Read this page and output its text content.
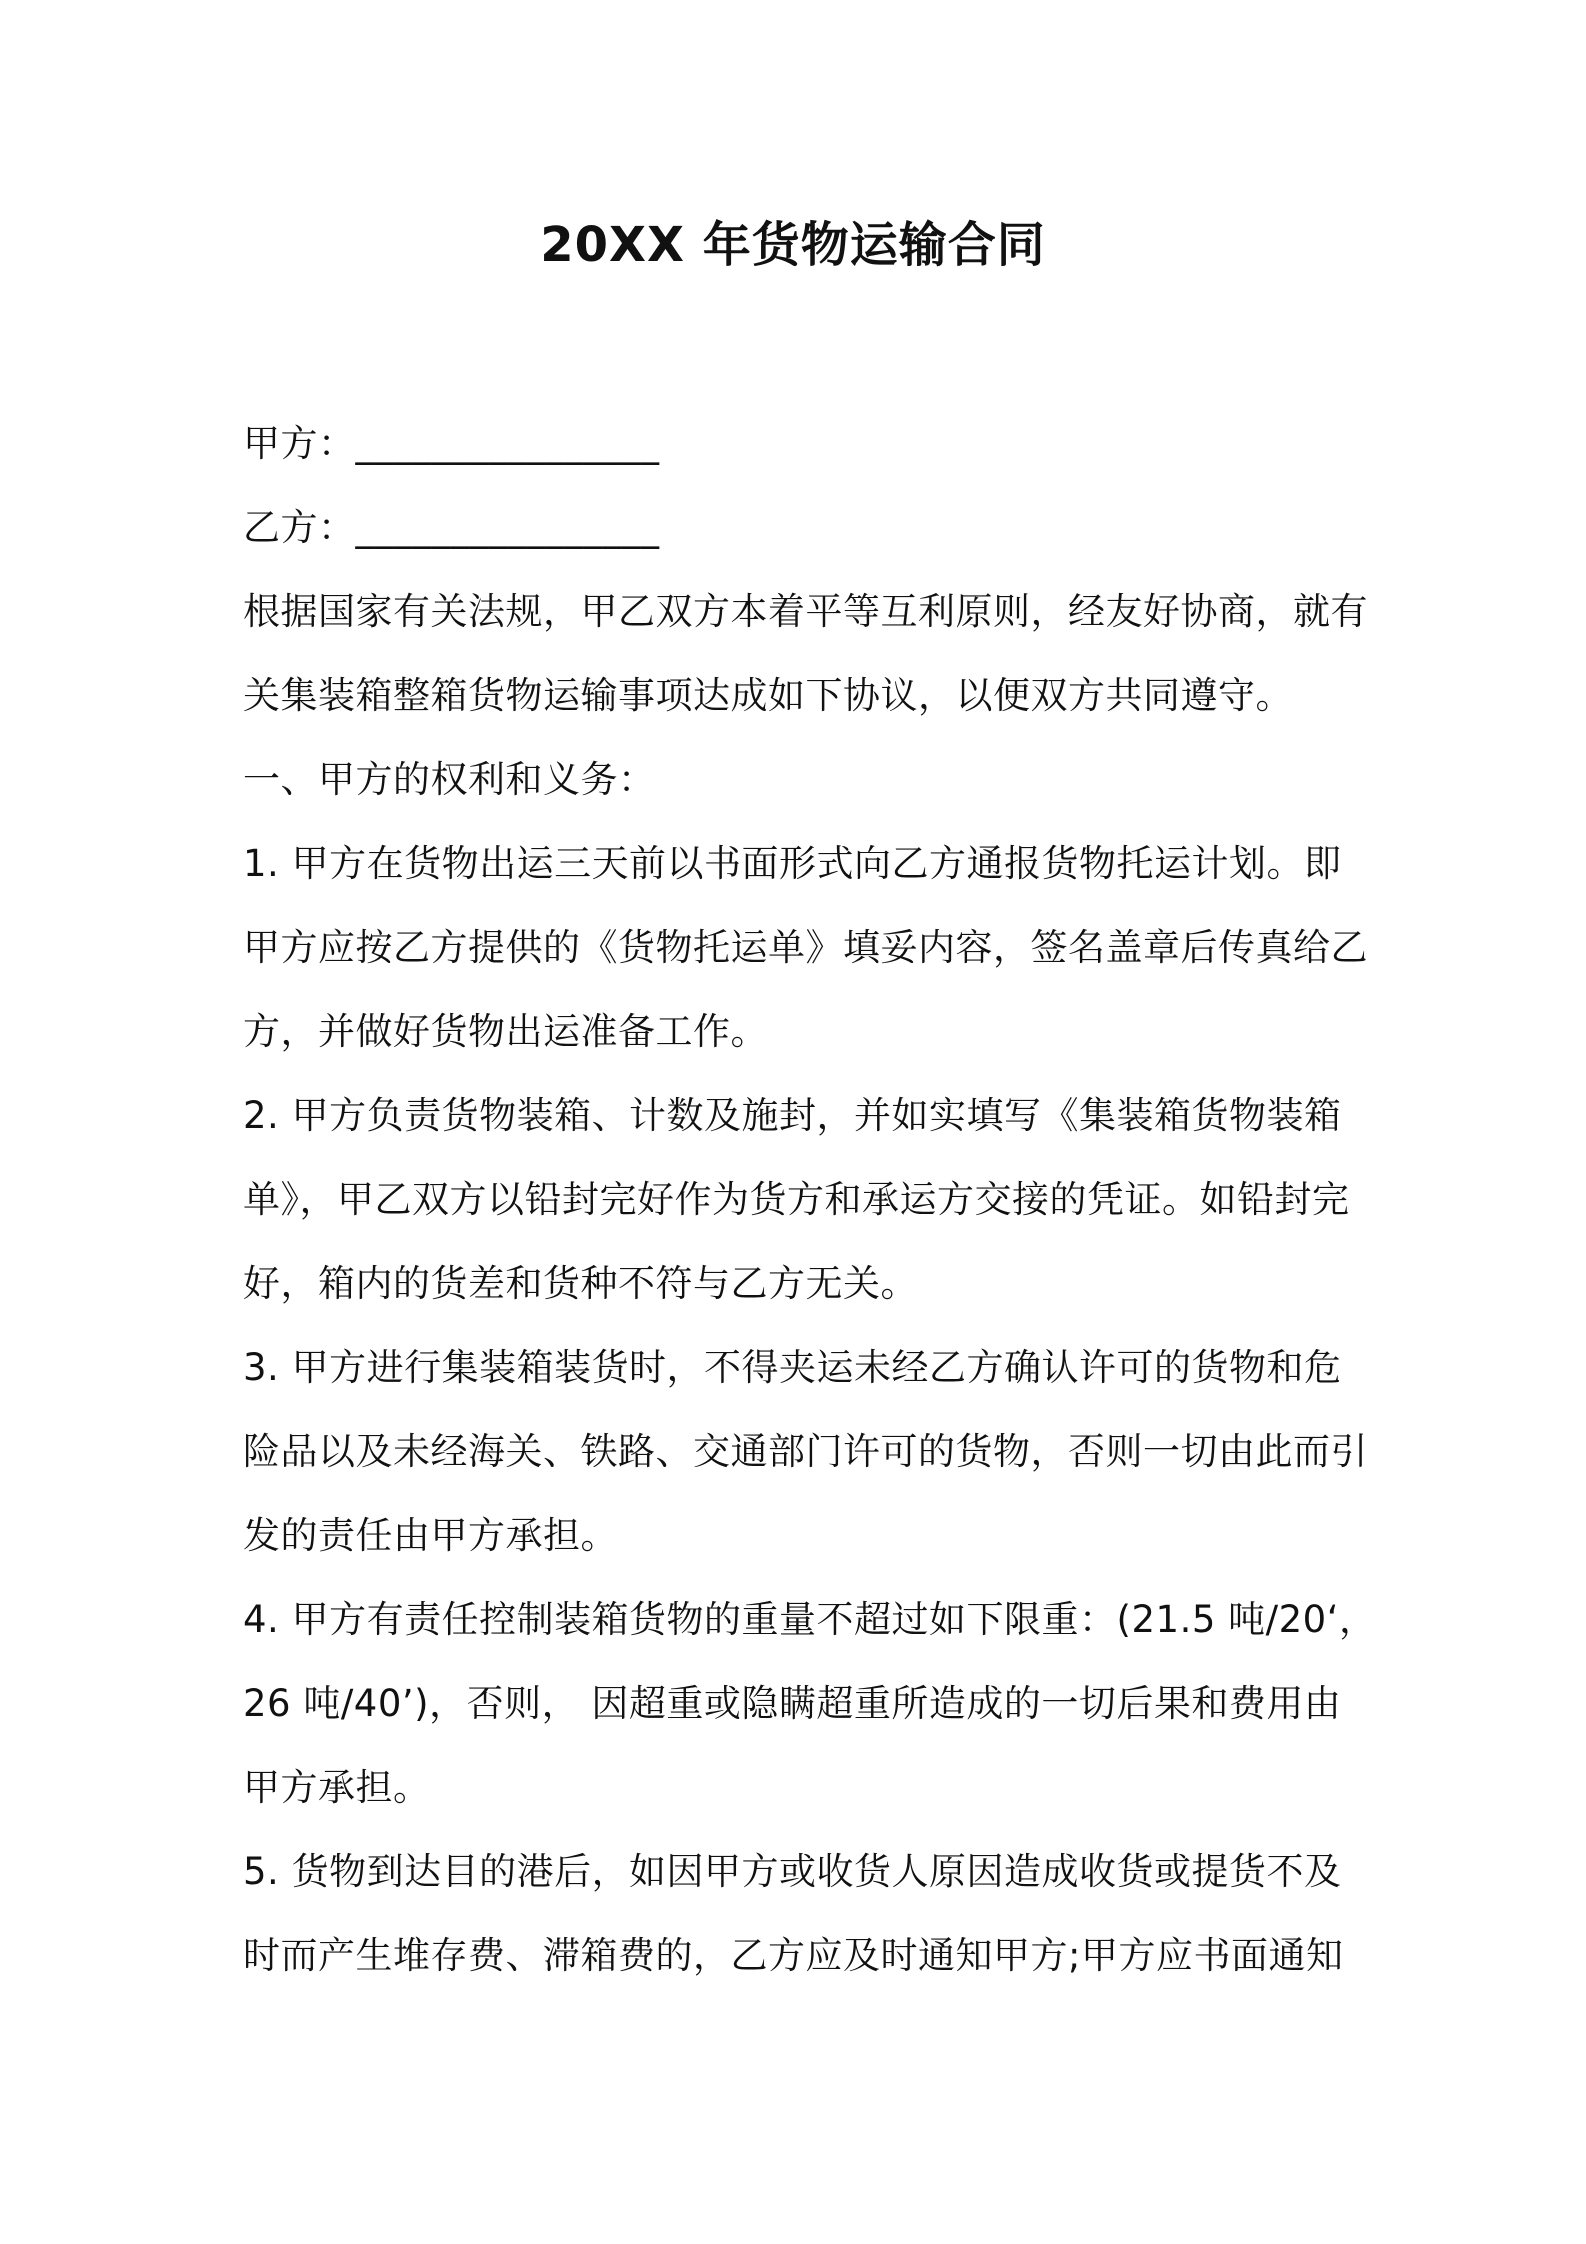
20XX 年货物运输合同
甲方：________________
乙方：________________
根据国家有关法规，甲乙双方本着平等互利原则，经友好协商，就有
关集装箱整箱货物运输事项达成如下协议，以便双方共同遵守。
一、甲方的权利和义务：
1. 甲方在货物出运三天前以书面形式向乙方通报货物托运计划。即
甲方应按乙方提供的《货物托运单》填妥内容，签名盖章后传真给乙
方，并做好货物出运准备工作。
2. 甲方负责货物装箱、计数及施封，并如实填写《集装箱货物装箱
单》，甲乙双方以铅封完好作为货方和承运方交接的凭证。如铅封完
好，箱内的货差和货种不符与乙方无关。
3. 甲方进行集装箱装货时，不得夹运未经乙方确认许可的货物和危
险品以及未经海关、铁路、交通部门许可的货物，否则一切由此而引
发的责任由甲方承担。
4. 甲方有责任控制装箱货物的重量不超过如下限重：(21.5 吨/20‘，
26 吨/40’)，否则， 因超重或隐瞒超重所造成的一切后果和费用由
甲方承担。
5. 货物到达目的港后，如因甲方或收货人原因造成收货或提货不及
时而产生堆存费、滞箱费的，乙方应及时通知甲方;甲方应书面通知
